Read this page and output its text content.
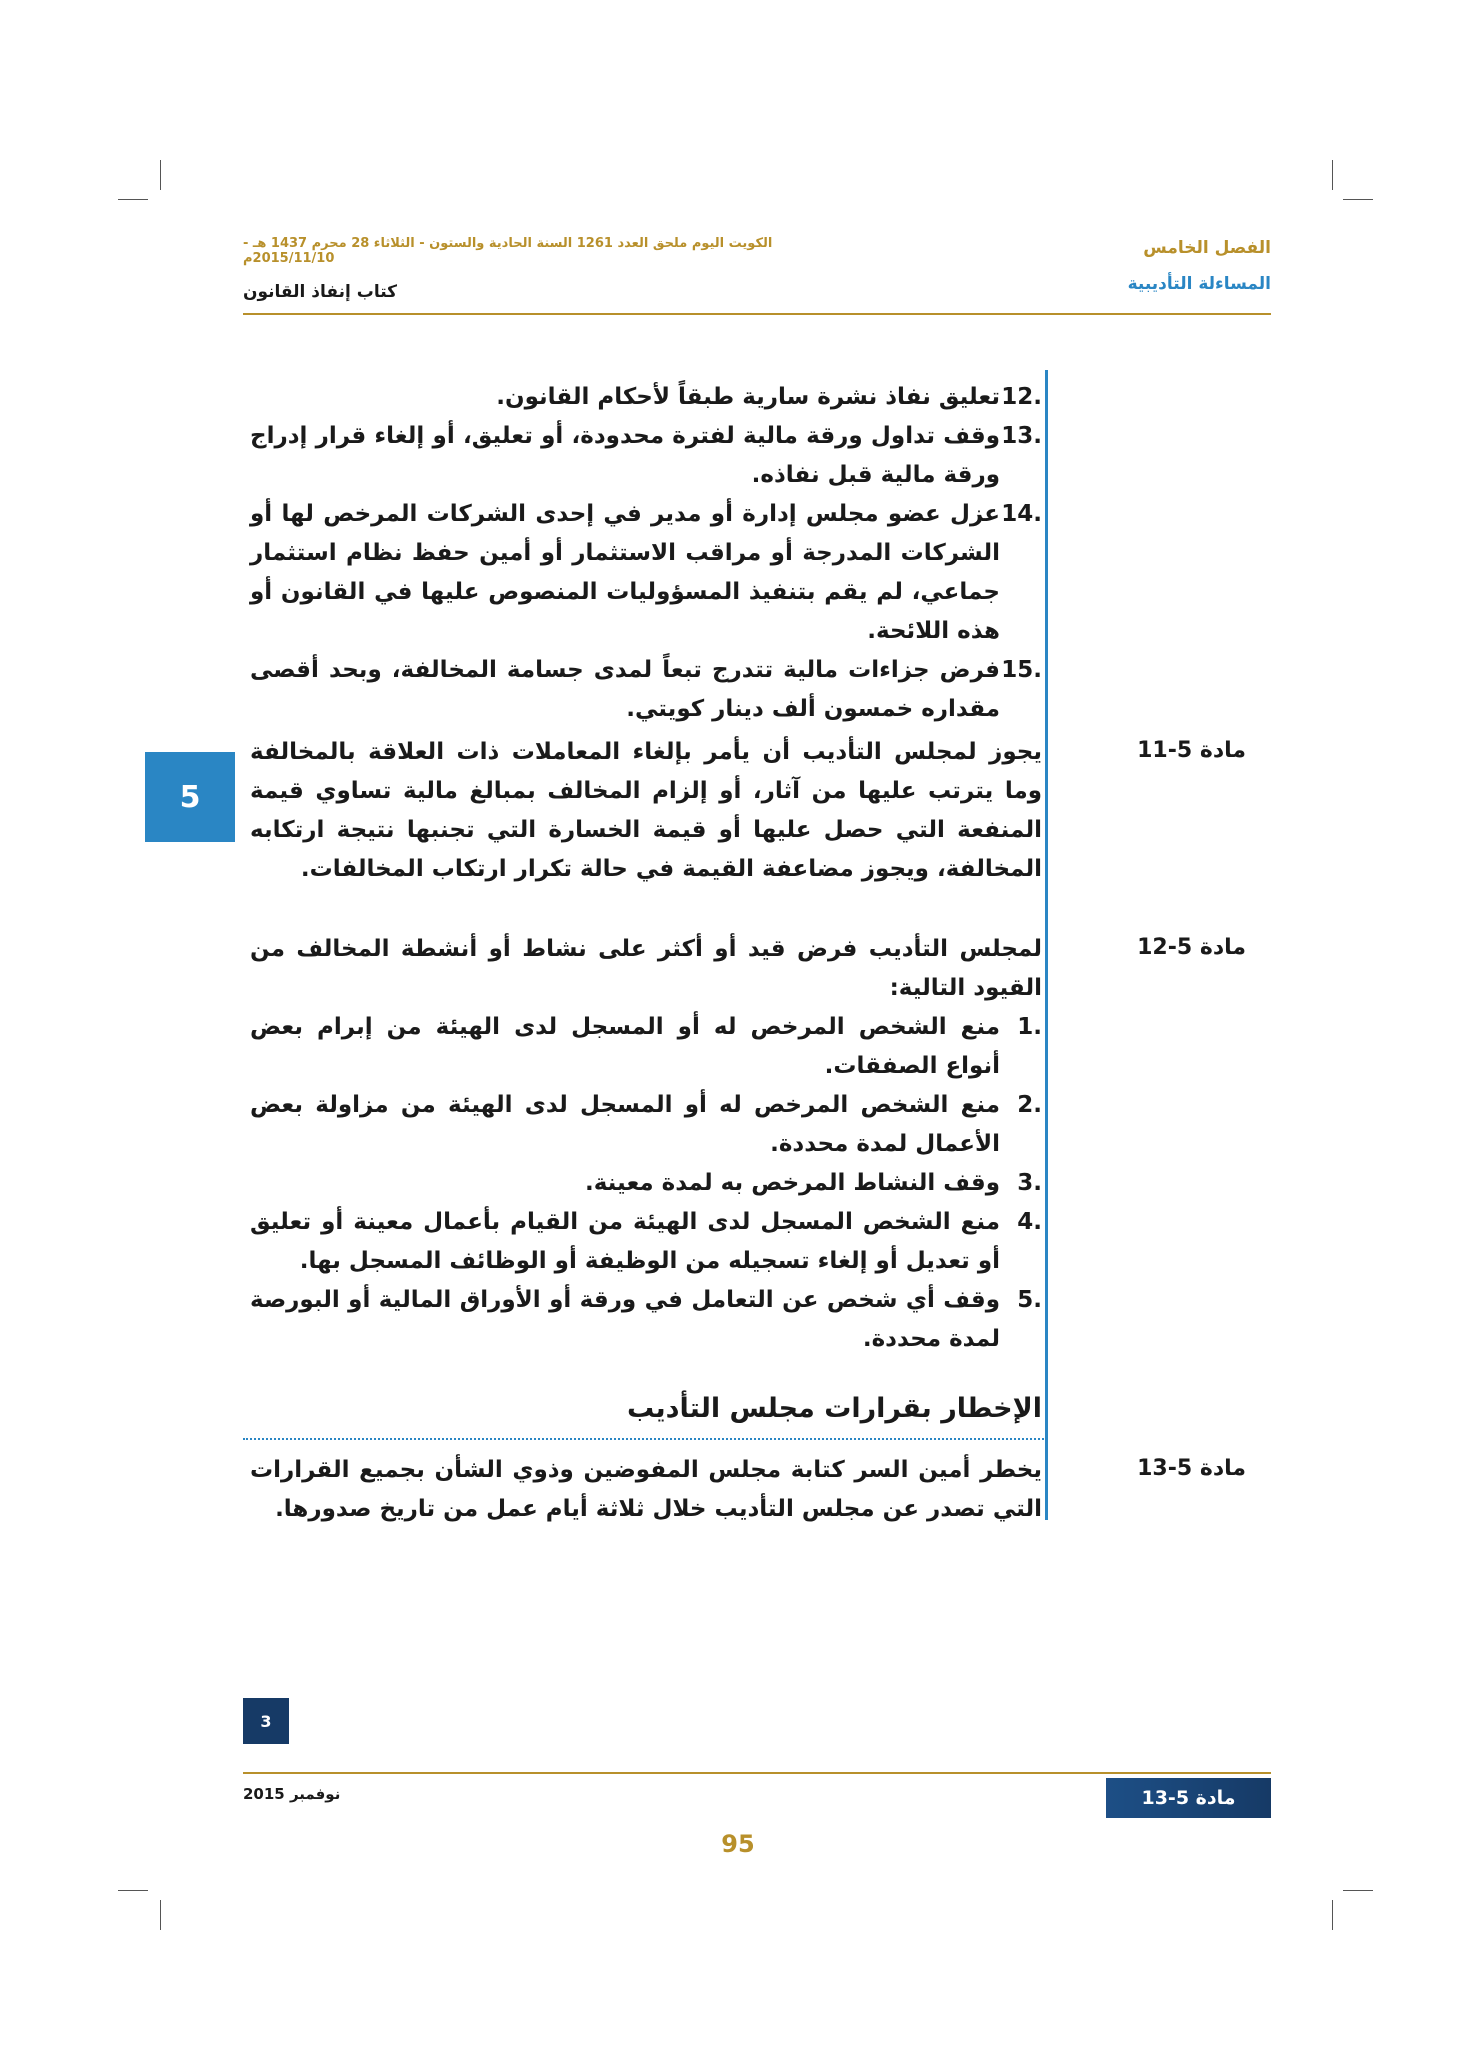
الفصل الخامس
المساءلة التأديبية
الكويت اليوم ملحق العدد 1261 السنة الحادية والستون - الثلاثاء 28 محرم 1437 هـ - 2015/11/10م
كتاب إنفاذ القانون
5
.12
تعليق نفاذ نشرة سارية طبقاً لأحكام القانون.
.13
وقف تداول ورقة مالية لفترة محدودة، أو تعليق، أو إلغاء قرار إدراج ورقة مالية قبل نفاذه.
.14
عزل عضو مجلس إدارة أو مدير في إحدى الشركات المرخص لها أو الشركات المدرجة أو مراقب الاستثمار أو أمين حفظ نظام استثمار جماعي، لم يقم بتنفيذ المسؤوليات المنصوص عليها في القانون أو هذه اللائحة.
.15
فرض جزاءات مالية تتدرج تبعاً لمدى جسامة المخالفة، وبحد أقصى مقداره خمسون ألف دينار كويتي.
مادة 5-11

يجوز لمجلس التأديب أن يأمر بإلغاء المعاملات ذات العلاقة بالمخالفة وما يترتب عليها من آثار، أو إلزام المخالف بمبالغ مالية تساوي قيمة المنفعة التي حصل عليها أو قيمة الخسارة التي تجنبها نتيجة ارتكابه المخالفة، ويجوز مضاعفة القيمة في حالة تكرار ارتكاب المخالفات.

مادة 5-12

لمجلس التأديب فرض قيد أو أكثر على نشاط أو أنشطة المخالف من القيود التالية:

.1
منع الشخص المرخص له أو المسجل لدى الهيئة من إبرام بعض أنواع الصفقات.
.2
منع الشخص المرخص له أو المسجل لدى الهيئة من مزاولة بعض الأعمال لمدة محددة.
.3
وقف النشاط المرخص به لمدة معينة.
.4
منع الشخص المسجل لدى الهيئة من القيام بأعمال معينة أو تعليق أو تعديل أو إلغاء تسجيله من الوظيفة أو الوظائف المسجل بها.
.5
وقف أي شخص عن التعامل في ورقة أو الأوراق المالية أو البورصة لمدة محددة.
الإخطار بقرارات مجلس التأديب
مادة 5-13

يخطر أمين السر كتابة مجلس المفوضين وذوي الشأن بجميع القرارات التي تصدر عن مجلس التأديب خلال ثلاثة أيام عمل من تاريخ صدورها.

3
نوفمبر 2015	مادة 5-13
95
